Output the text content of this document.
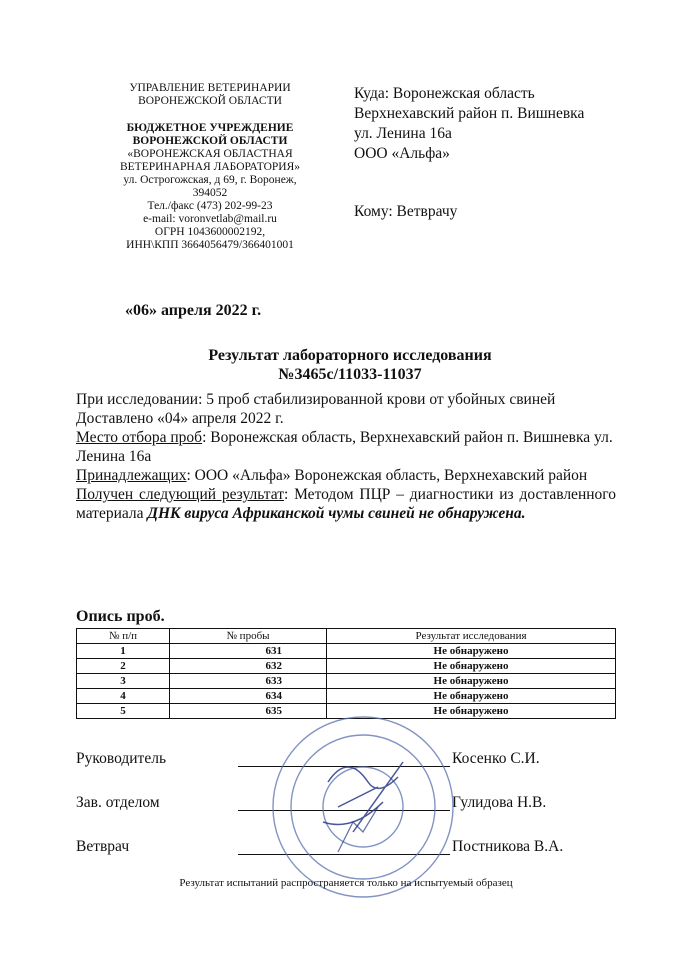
УПРАВЛЕНИЕ ВЕТЕРИНАРИИ
ВОРОНЕЖСКОЙ ОБЛАСТИ
БЮДЖЕТНОЕ УЧРЕЖДЕНИЕ
ВОРОНЕЖСКОЙ ОБЛАСТИ
«ВОРОНЕЖСКАЯ ОБЛАСТНАЯ
ВЕТЕРИНАРНАЯ ЛАБОРАТОРИЯ»
ул. Острогожская, д 69, г. Воронеж,
394052
Тел./факс (473) 202-99-23
e-mail: voronvetlab@mail.ru
ОГРН 1043600002192,
ИНН\КПП 3664056479/366401001
Куда: Воронежская область
Верхнехавский район п. Вишневка
ул. Ленина 16а
ООО «Альфа»
Кому: Ветврачу
«06» апреля 2022 г.
Результат лабораторного исследования
№3465с/11033-11037
При исследовании: 5 проб стабилизированной крови от убойных свиней
Доставлено «04» апреля 2022 г.
Место отбора проб: Воронежская область, Верхнехавский район п. Вишневка ул. Ленина 16а
Принадлежащих: ООО «Альфа» Воронежская область, Верхнехавский район
Получен следующий результат: Методом ПЦР – диагностики из доставленного материала ДНК вируса Африканской чумы свиней не обнаружена.
Опись проб.
№ п/п	№ пробы	Результат исследования
1	631	Не обнаружено
2	632	Не обнаружено
3	633	Не обнаружено
4	634	Не обнаружено
5	635	Не обнаружено
Руководитель	Косенко С.И.
Зав. отделом	Гулидова Н.В.
Ветврач	Постникова В.А.
Результат испытаний распространяется только на испытуемый образец
